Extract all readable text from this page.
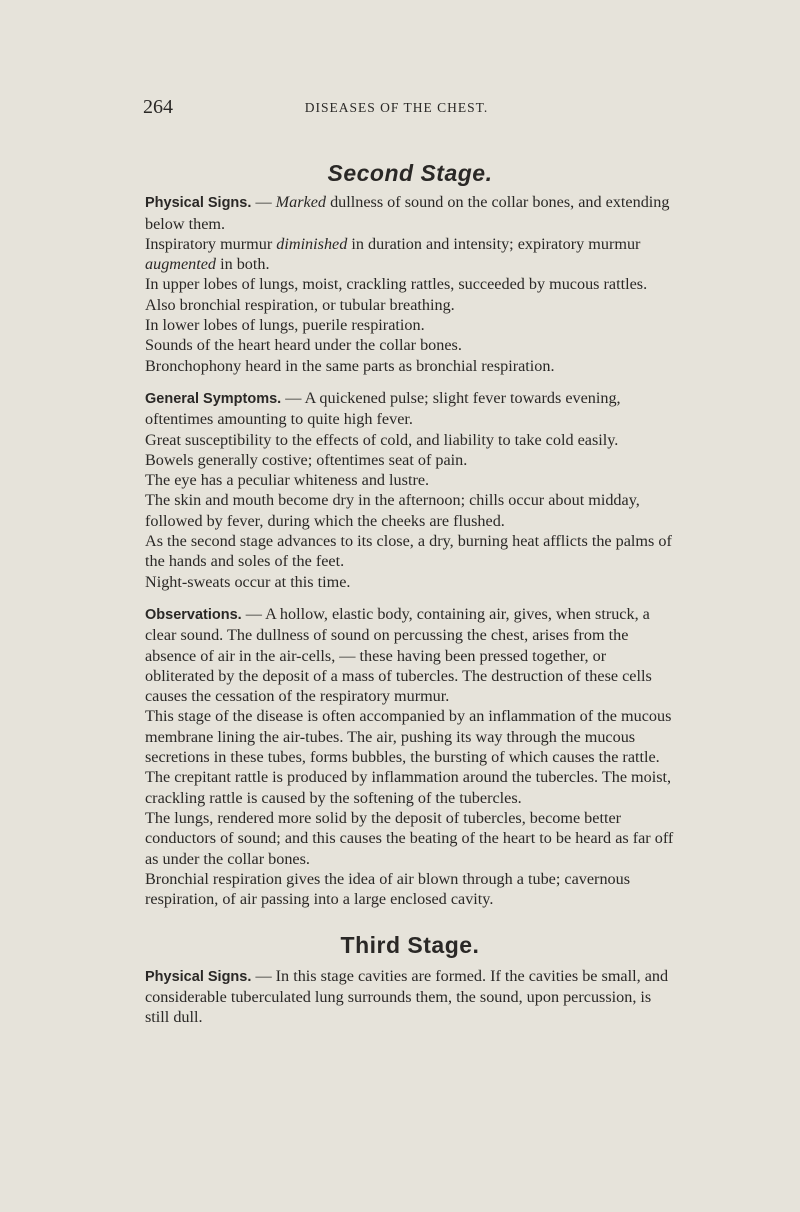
264	DISEASES OF THE CHEST.
Second Stage.

Physical Signs. — Marked dullness of sound on the collar bones, and extending below them.

Inspiratory murmur diminished in duration and intensity; expiratory murmur augmented in both.

In upper lobes of lungs, moist, crackling rattles, succeeded by mucous rattles. Also bronchial respiration, or tubular breathing.

In lower lobes of lungs, puerile respiration.

Sounds of the heart heard under the collar bones.

Bronchophony heard in the same parts as bronchial respiration.

General Symptoms. — A quickened pulse; slight fever towards evening, oftentimes amounting to quite high fever.

Great susceptibility to the effects of cold, and liability to take cold easily.

Bowels generally costive; oftentimes seat of pain.

The eye has a peculiar whiteness and lustre.

The skin and mouth become dry in the afternoon; chills occur about midday, followed by fever, during which the cheeks are flushed.

As the second stage advances to its close, a dry, burning heat afflicts the palms of the hands and soles of the feet.

Night-sweats occur at this time.

Observations. — A hollow, elastic body, containing air, gives, when struck, a clear sound. The dullness of sound on percussing the chest, arises from the absence of air in the air-cells, — these having been pressed together, or obliterated by the deposit of a mass of tubercles. The destruction of these cells causes the cessation of the respiratory murmur.

This stage of the disease is often accompanied by an inflammation of the mucous membrane lining the air-tubes. The air, pushing its way through the mucous secretions in these tubes, forms bubbles, the bursting of which causes the rattle. The crepitant rattle is produced by inflammation around the tubercles. The moist, crackling rattle is caused by the softening of the tubercles.

The lungs, rendered more solid by the deposit of tubercles, become better conductors of sound; and this causes the beating of the heart to be heard as far off as under the collar bones.

Bronchial respiration gives the idea of air blown through a tube; cavernous respiration, of air passing into a large enclosed cavity.

Third Stage.

Physical Signs. — In this stage cavities are formed. If the cavities be small, and considerable tuberculated lung surrounds them, the sound, upon percussion, is still dull.
